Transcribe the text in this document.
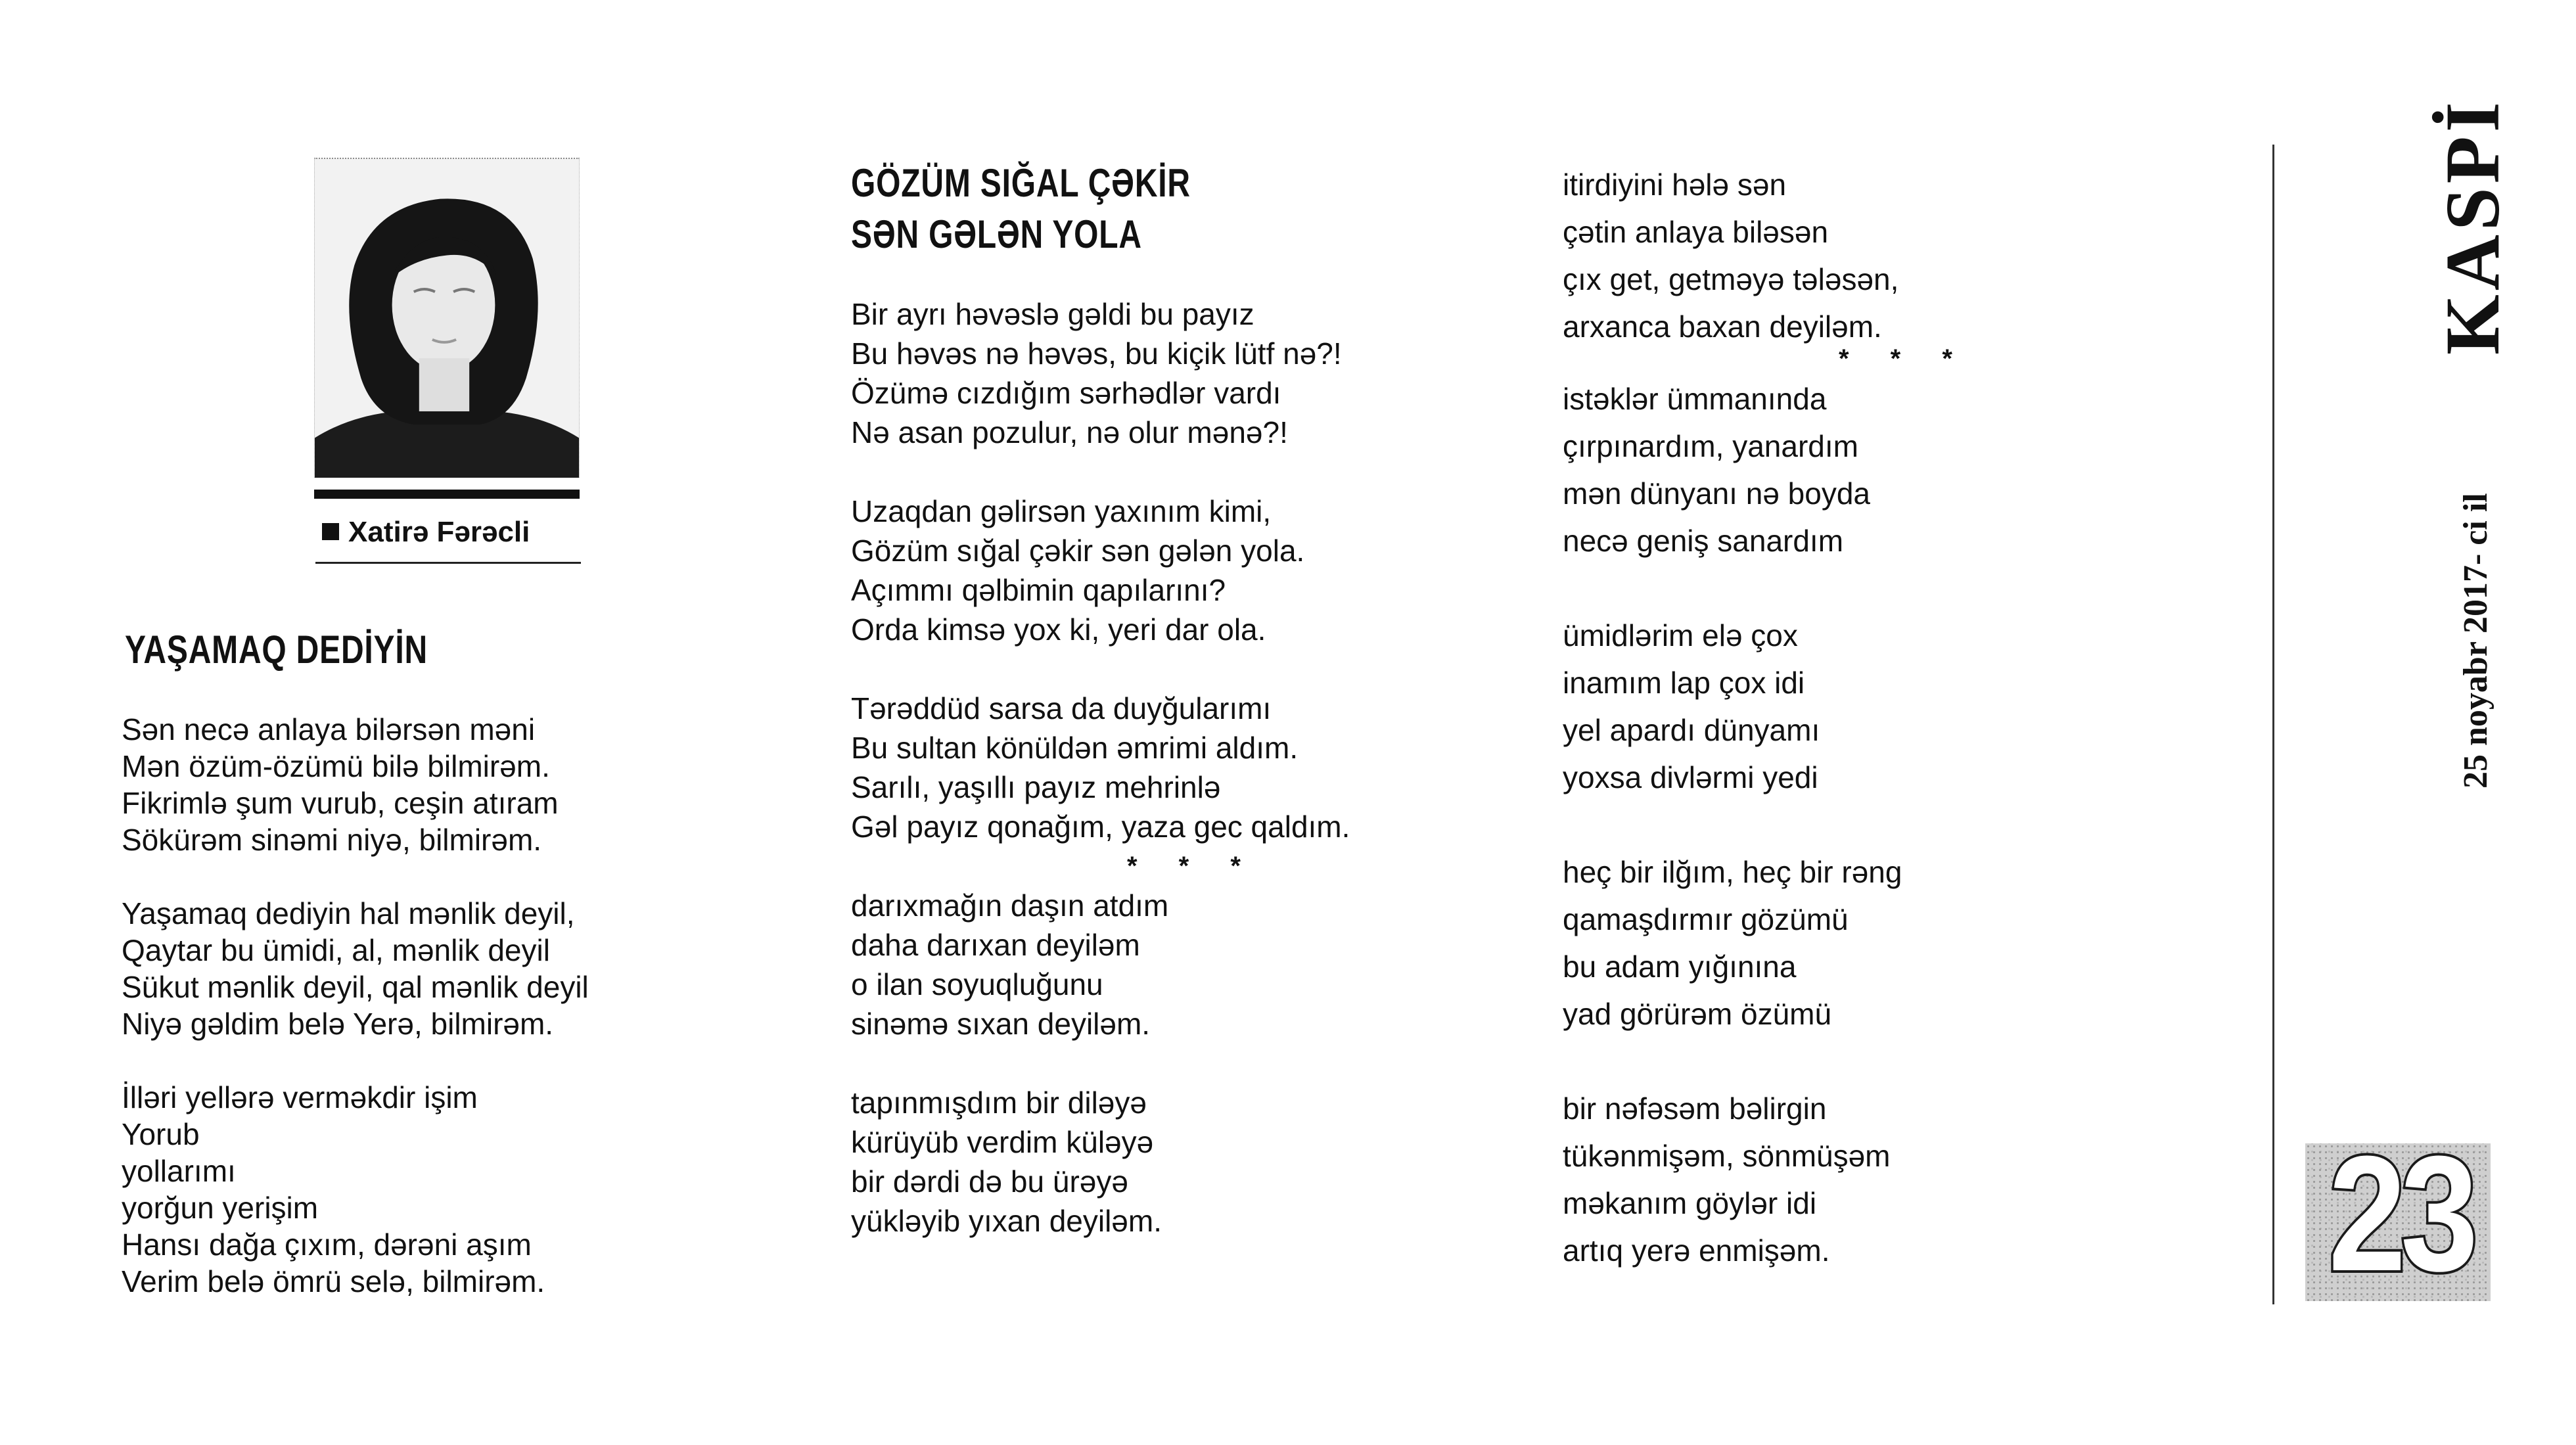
Xatirə Fərəcli
YAŞAMAQ DEDİYİN
Sən necə anlaya bilərsən məni
Mən özüm-özümü bilə bilmirəm.
Fikrimlə şum vurub, ceşin atıram
Sökürəm sinəmi niyə, bilmirəm.
Yaşamaq dediyin hal mənlik deyil,
Qaytar bu ümidi, al, mənlik deyil
Sükut mənlik deyil, qal mənlik deyil
Niyə gəldim belə Yerə, bilmirəm.
İlləri yellərə verməkdir işim
Yorub
yollarımı
yorğun yerişim
Hansı dağa çıxım, dərəni aşım
Verim belə ömrü selə, bilmirəm.
GÖZÜM SIĞAL ÇƏKİR
SƏN GƏLƏN YOLA
Bir ayrı həvəslə gəldi bu payız
Bu həvəs nə həvəs, bu kiçik lütf nə?!
Özümə cızdığım sərhədlər vardı
Nə asan pozulur, nə olur mənə?!
Uzaqdan gəlirsən yaxınım kimi,
Gözüm sığal çəkir sən gələn yola.
Açımmı qəlbimin qapılarını?
Orda kimsə yox ki, yeri dar ola.
Tərəddüd sarsa da duyğularımı
Bu sultan könüldən əmrimi aldım.
Sarılı, yaşıllı payız mehrinlə
Gəl payız qonağım, yaza gec qaldım.
* * *
darıxmağın daşın atdım
daha darıxan deyiləm
o ilan soyuqluğunu
sinəmə sıxan deyiləm.
tapınmışdım bir diləyə
kürüyüb verdim küləyə
bir dərdi də bu ürəyə
yükləyib yıxan deyiləm.
itirdiyini hələ sən
çətin anlaya biləsən
çıx get, getməyə tələsən,
arxanca baxan deyiləm.
* * *
istəklər ümmanında
çırpınardım, yanardım
mən dünyanı nə boyda
necə geniş sanardım
ümidlərim elə çox
inamım lap çox idi
yel apardı dünyamı
yoxsa divlərmi yedi
heç bir ilğım, heç bir rəng
qamaşdırmır gözümü
bu adam yığınına
yad görürəm özümü
bir nəfəsəm bəlirgin
tükənmişəm, sönmüşəm
məkanım göylər idi
artıq yerə enmişəm.
KASPİ
25 noyabr 2017- ci il
23
